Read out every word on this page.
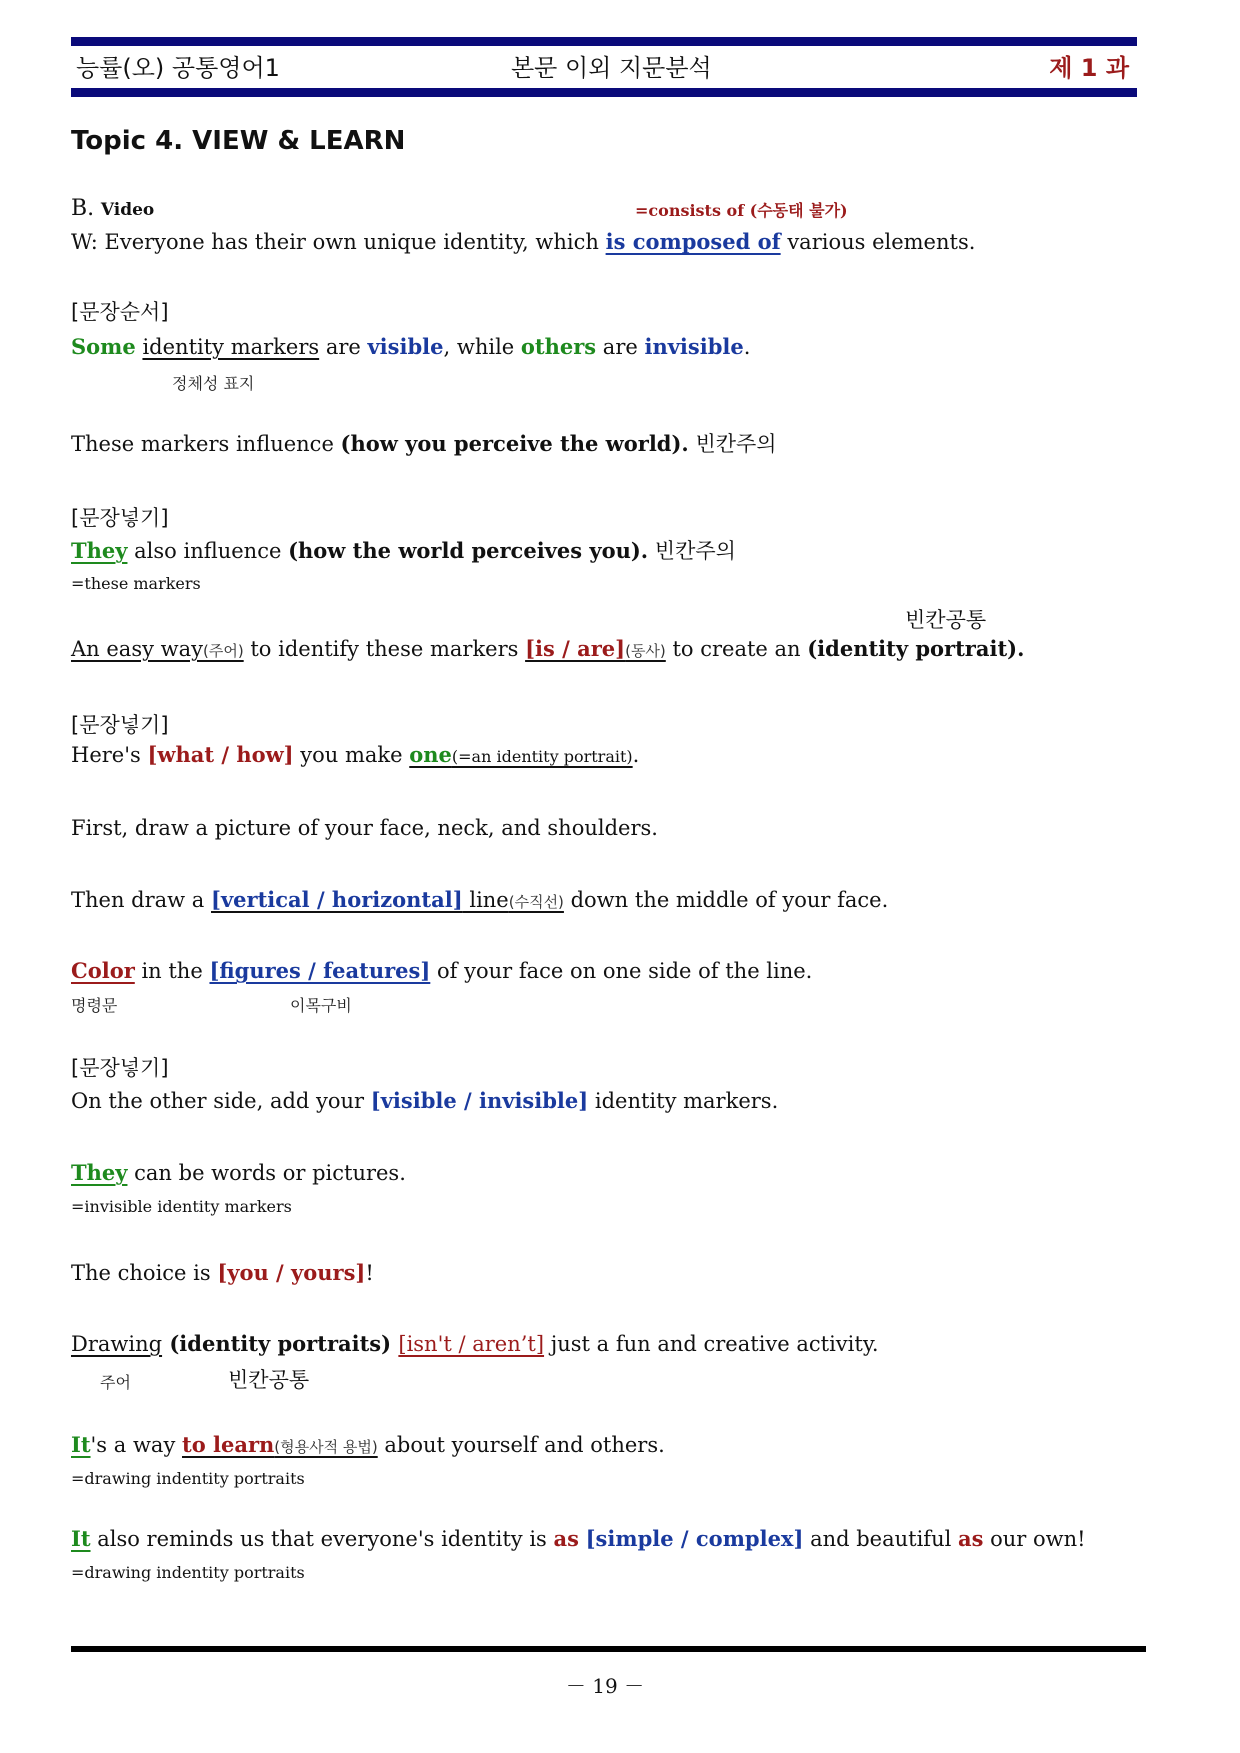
능률(오) 공통영어1	본문 이외 지문분석	제 1 과
Topic 4. VIEW & LEARN
B. Video	=consists of (수동태 불가)
W: Everyone has their own unique identity, which is composed of various elements.
[문장순서]
Some identity markers are visible, while others are invisible.
정체성 표지
These markers influence (how you perceive the world). 빈칸주의
[문장넣기]
They also influence (how the world perceives you). 빈칸주의
=these markers
빈칸공통
An easy way(주어) to identify these markers [is / are](동사) to create an (identity portrait).
[문장넣기]
Here's [what / how] you make one(=an identity portrait).
First, draw a picture of your face, neck, and shoulders.
Then draw a [vertical / horizontal] line(수직선) down the middle of your face.
Color in the [figures / features] of your face on one side of the line.
명령문	이목구비
[문장넣기]
On the other side, add your [visible / invisible] identity markers.
They can be words or pictures.
=invisible identity markers
The choice is [you / yours]!
Drawing (identity portraits) [isn't / aren’t] just a fun and creative activity.
주어	빈칸공통
It's a way to learn(형용사적 용법) about yourself and others.
=drawing indentity portraits
It also reminds us that everyone's identity is as [simple / complex] and beautiful as our own!
=drawing indentity portraits
－ 19 －
